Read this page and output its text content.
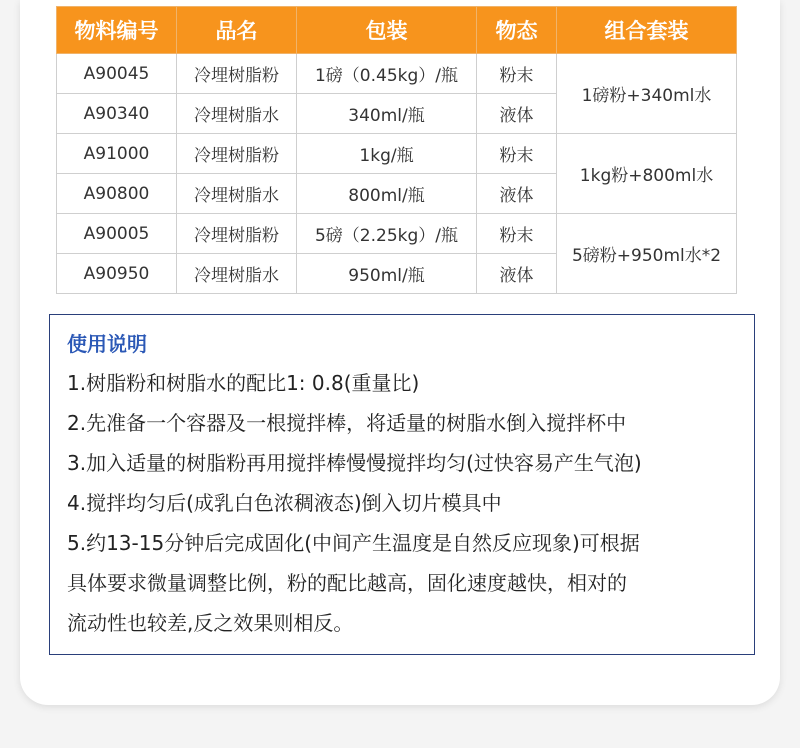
物料编号	品名	包装	物态	组合套装
A90045	冷埋树脂粉	1磅（0.45kg）/瓶	粉末	1磅粉+340ml水
A90340	冷埋树脂水	340ml/瓶	液体	
A91000	冷埋树脂粉	1kg/瓶	粉末	1kg粉+800ml水
A90800	冷埋树脂水	800ml/瓶	液体	
A90005	冷埋树脂粉	5磅（2.25kg）/瓶	粉末	5磅粉+950ml水*2
A90950	冷埋树脂水	950ml/瓶	液体	
使用说明
1.树脂粉和树脂水的配比1: 0.8(重量比)
2.先准备一个容器及一根搅拌棒，将适量的树脂水倒入搅拌杯中
3.加入适量的树脂粉再用搅拌棒慢慢搅拌均匀(过快容易产生气泡)
4.搅拌均匀后(成乳白色浓稠液态)倒入切片模具中
5.约13-15分钟后完成固化(中间产生温度是自然反应现象)可根据
具体要求微量调整比例，粉的配比越高，固化速度越快，相对的
流动性也较差,反之效果则相反。
